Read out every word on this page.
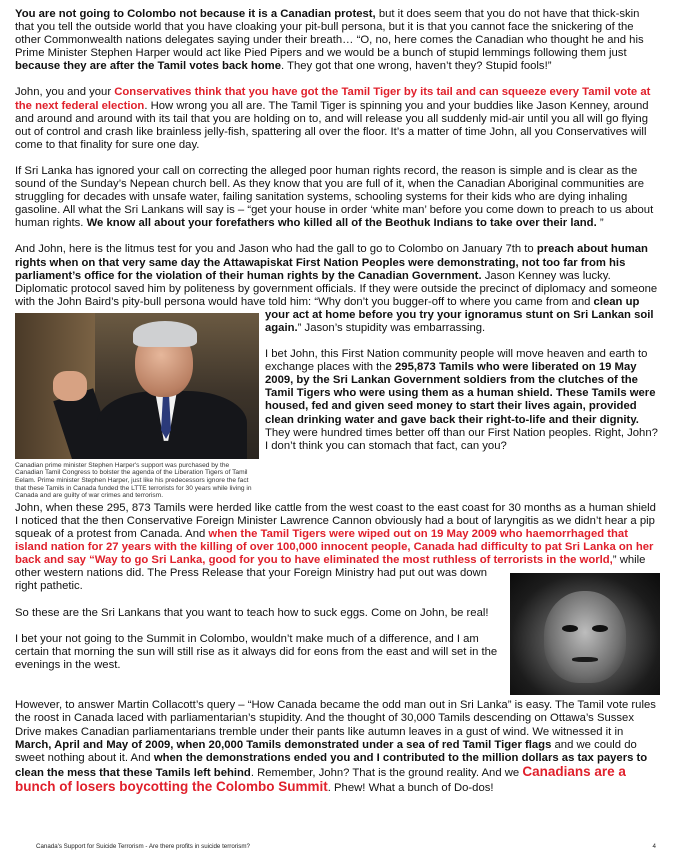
You are not going to Colombo not because it is a Canadian protest, but it does seem that you do not have that thick-skin that you tell the outside world that you have cloaking your pit-bull persona, but it is that you cannot face the snickering of the other Commonwealth nations delegates saying under their breath… “O, no, here comes the Canadian who thought he and his Prime Minister Stephen Harper would act like Pied Pipers and we would be a bunch of stupid lemmings following them just because they are after the Tamil votes back home. They got that one wrong, haven’t they? Stupid fools!”

John, you and your Conservatives think that you have got the Tamil Tiger by its tail and can squeeze every Tamil vote at the next federal election. How wrong you all are. The Tamil Tiger is spinning you and your buddies like Jason Kenney, around and around and around with its tail that you are holding on to, and will release you all suddenly mid-air until you all will go flying out of control and crash like brainless jelly-fish, spattering all over the floor. It’s a matter of time John, all you Conservatives will come to that finality for sure one day.

If Sri Lanka has ignored your call on correcting the alleged poor human rights record, the reason is simple and is clear as the sound of the Sunday’s Nepean church bell. As they know that you are full of it, when the Canadian Aboriginal communities are struggling for decades with unsafe water, failing sanitation systems, schooling systems for their kids who are dying inhaling gasoline. All what the Sri Lankans will say is – “get your house in order ‘white man’ before you come down to preach to us about human rights. We know all about your forefathers who killed all of the Beothuk Indians to take over their land. ”

And John, here is the litmus test for you and Jason who had the gall to go to Colombo on January 7th to preach about human rights when on that very same day the Attawapiskat First Nation Peoples were demonstrating, not too far from his parliament’s office for the violation of their human rights by the Canadian Government. Jason Kenney was lucky. Diplomatic protocol saved him by politeness by government officials. If they were outside the precinct of diplomacy and someone with the John Baird’s pity-bull persona would have told him: “Why don’t you bugger-off to where you came from and
Canadian prime minister Stephen Harper's support was purchased by the Canadian Tamil Congress to bolster the agenda of the Liberation Tigers of Tamil Eelam. Prime minister Stephen Harper, just like his predecessors ignore the fact that these Tamils in Canada funded the LTTE terrorists for 30 years while living in Canada and are guilty of war crimes and terrorism.
clean up your act at home before you try your ignoramus stunt on Sri Lankan soil again.” Jason’s stupidity was embarrassing.

I bet John, this First Nation community people will move heaven and earth to exchange places with the 295,873 Tamils who were liberated on 19 May 2009, by the Sri Lankan Government soldiers from the clutches of the Tamil Tigers who were using them as a human shield. These Tamils were housed, fed and given seed money to start their lives again, provided clean drinking water and gave back their right-to-life and their dignity. They were hundred times better off than our First Nation peoples. Right, John? I don’t think you can stomach that fact, can you?

John, when these 295, 873 Tamils were herded like cattle from the west coast to the east coast for 30 months as a human shield I noticed that the then Conservative Foreign Minister Lawrence Cannon obviously had a bout of laryngitis as we didn’t hear a pip squeak of a protest from Canada. And when the Tamil Tigers were wiped out on 19 May 2009 who haemorrhaged that island nation for 27 years with the killing of over 100,000 innocent people, Canada had difficulty to pat Sri Lanka on her back and say “Way to go Sri Lanka, good for you to have eliminated the most ruthless of terrorists in the world,
” while other western nations did. The Press Release that your Foreign Ministry had put out was down right pathetic.

So these are the Sri Lankans that you want to teach how to suck eggs. Come on John, be real!

I bet your not going to the Summit in Colombo, wouldn’t make much of a difference, and I am certain that morning the sun will still rise as it always did for eons from the east and will set in the evenings in the west.

However, to answer Martin Collacott’s query – “How Canada became the odd man out in Sri Lanka” is easy. The Tamil vote rules the roost in Canada laced with parliamentarian’s stupidity. And the thought of 30,000 Tamils descending on Ottawa’s Sussex Drive makes Canadian parliamentarians tremble under their pants like autumn leaves in a gust of wind. We witnessed it in March, April and May of 2009, when 20,000 Tamils demonstrated under a sea of red Tamil Tiger flags and we could do sweet nothing about it. And when the demonstrations ended you and I contributed to the million dollars as tax payers to clean the mess that these Tamils left behind. Remember, John? That is the ground reality. And we Canadians are a bunch of losers boycotting the Colombo Summit. Phew! What a bunch of Do-dos!

Canada's Support for Suicide Terrorism - Are there profits in suicide terrorism?	4
